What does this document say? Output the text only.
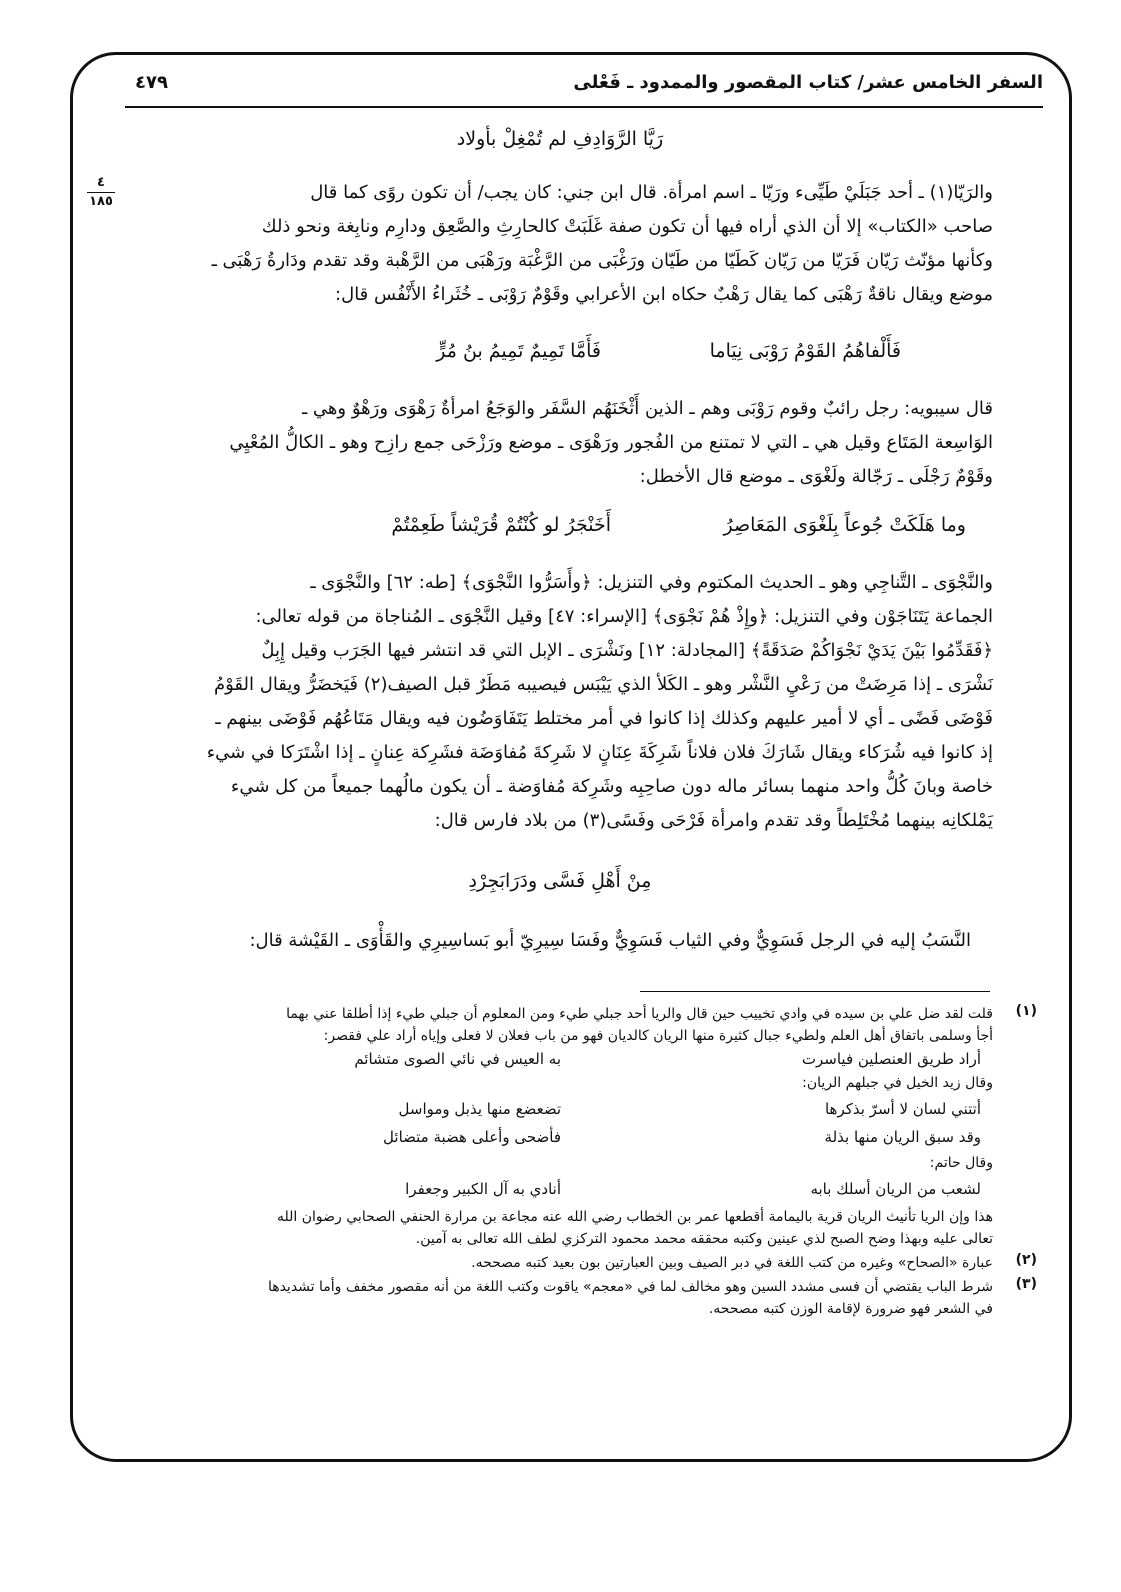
السفر الخامس عشر/ كتاب المقصور والممدود ـ فَعْلى
٤٧٩
٤
١٨٥
رَيَّا الرَّوَادِفِ لم تُمْغِلْ بأولاد
والرَيّا(١) ـ أحد جَبَلَيْ طَيِّىء ورَيّا ـ اسم امرأة. قال ابن جني: كان يجب/ أن تكون روًى كما قال
صاحب «الكتاب» إلا أن الذي أراه فيها أن تكون صفة غَلَبَتْ كالحارِثِ والصَّعِق ودارِم ونابِغة ونحو ذلك
وكأنها مؤنّث رَيّان فَرَيّا من رَيّان كَطَيّا من طَيّان ورَغْبَى من الرَّغْبَة ورَهْبَى من الرَّهْبة وقد تقدم ودَارةُ رَهْبَى ـ
موضع ويقال ناقةٌ رَهْبَى كما يقال رَهْبٌ حكاه ابن الأعرابي وقَوْمٌ رَوْبَى ـ خُثَراءُ الأَنْفُس قال:
فَأَمَّا تَمِيمٌ تَمِيمُ بنُ مُرٍّ	فَأَلْفاهُمُ القَوْمُ رَوْبَى نِيَاما
قال سيبويه: رجل رائبٌ وقوم رَوْبَى وهم ـ الذين أَثْخَنَهُم السَّفَر والوَجَعُ امرأةٌ رَهْوَى ورَهْوٌ وهي ـ
الوَاسِعة المَتَاع وقيل هي ـ التي لا تمتنع من الفُجور ورَهْوَى ـ موضع ورَزْحَى جمع رازِح وهو ـ الكالُّ المُعْيِي
وقَوْمٌ رَجْلَى ـ رَجّالة ولَغْوَى ـ موضع قال الأخطل:
أَخَنْجَرُ لو كُنْتُمْ قُرَيْشاً طَعِمْتُمْ	وما هَلَكَتْ جُوعاً بِلَغْوَى المَعَاصِرُ
والنَّجْوَى ـ التَّناجِي وهو ـ الحديث المكتوم وفي التنزيل: ﴿وأَسَرُّوا النَّجْوَى﴾ [طه: ٦٢] والنَّجْوَى ـ
الجماعة يَتَنَاجَوْن وفي التنزيل: ﴿وإِذْ هُمْ نَجْوَى﴾ [الإسراء: ٤٧] وقيل النَّجْوَى ـ المُناجاة من قوله تعالى:
﴿فَقَدِّمُوا بَيْنَ يَدَيْ نَجْوَاكُمْ صَدَقَةً﴾ [المجادلة: ١٢] ونَشْرَى ـ الإبل التي قد انتشر فيها الجَرَب وقيل إِبِلٌ
نَشْرَى ـ إذا مَرِضَتْ من رَعْيِ النَّشْر وهو ـ الكَلأ الذي يَيْبَس فيصيبه مَطَرٌ قبل الصيف(٢) فَيَخضَرُّ ويقال القَوْمُ
فَوْضَى فَضًى ـ أي لا أمير عليهم وكذلك إذا كانوا في أمر مختلط يَتَفَاوَضُون فيه ويقال مَتَاعُهُم فَوْضَى بينهم ـ
إذ كانوا فيه شُرَكاء ويقال شَارَكَ فلان فلاناً شَرِكَةَ عِنَانٍ لا شَرِكةَ مُفاوَضَة فشَرِكة عِنانٍ ـ إذا اشْتَرَكا في شيء
خاصة وبانَ كُلُّ واحد منهما بسائر ماله دون صاحِبِه وشَرِكة مُفاوَضة ـ أن يكون مالُهما جميعاً من كل شيء
يَمْلكانِه بينهما مُخْتَلِطاً وقد تقدم وامرأة فَرْحَى وفَسًى(٣) من بلاد فارس قال:
مِنْ أَهْلِ فَسَّى ودَرَابَجِرْدِ
النَّسَبُ إليه في الرجل فَسَوِيٌّ وفي الثياب فَسَوِيٌّ وفَسَا سِيرِيّ أبو بَساسِيرِي والقَأْوَى ـ القَيْشة قال:
(١)
قلت لقد ضل علي بن سيده في وادي تخييب حين قال والريا أحد جبلي طيء ومن المعلوم أن جبلي طيء إذا أطلقا عني بهما
أجأ وسلمى باتفاق أهل العلم ولطيء جبال كثيرة منها الريان كالديان فهو من باب فعلان لا فعلى وإياه أراد علي فقصر:
أراد طريق العنصلين فياسرت
به العيس في نائي الصوى متشائم
وقال زيد الخيل في جبلهم الريان:
أتتني لسان لا أسرّ بذكرها
تضعضع منها يذبل ومواسل
وقد سبق الريان منها بذلة
فأضحى وأعلى هضبة متضائل
وقال حاتم:
أنادي به آل الكبير وجعفرا	لشعب من الريان أسلك بابه
هذا وإن الريا تأنيث الريان قرية باليمامة أقطعها عمر بن الخطاب رضي الله عنه مجاعة بن مرارة الحنفي الصحابي رضوان الله
تعالى عليه وبهذا وضح الصبح لذي عينين وكتبه محققه محمد محمود التركزي لطف الله تعالى به آمين.
(٢)
عبارة «الصحاح» وغيره من كتب اللغة في دبر الصيف وبين العبارتين بون بعيد كتبه مصححه.
(٣)
شرط الباب يقتضي أن فسى مشدد السين وهو مخالف لما في «معجم» ياقوت وكتب اللغة من أنه مقصور مخفف وأما تشديدها
في الشعر فهو ضرورة لإقامة الوزن كتبه مصححه.
